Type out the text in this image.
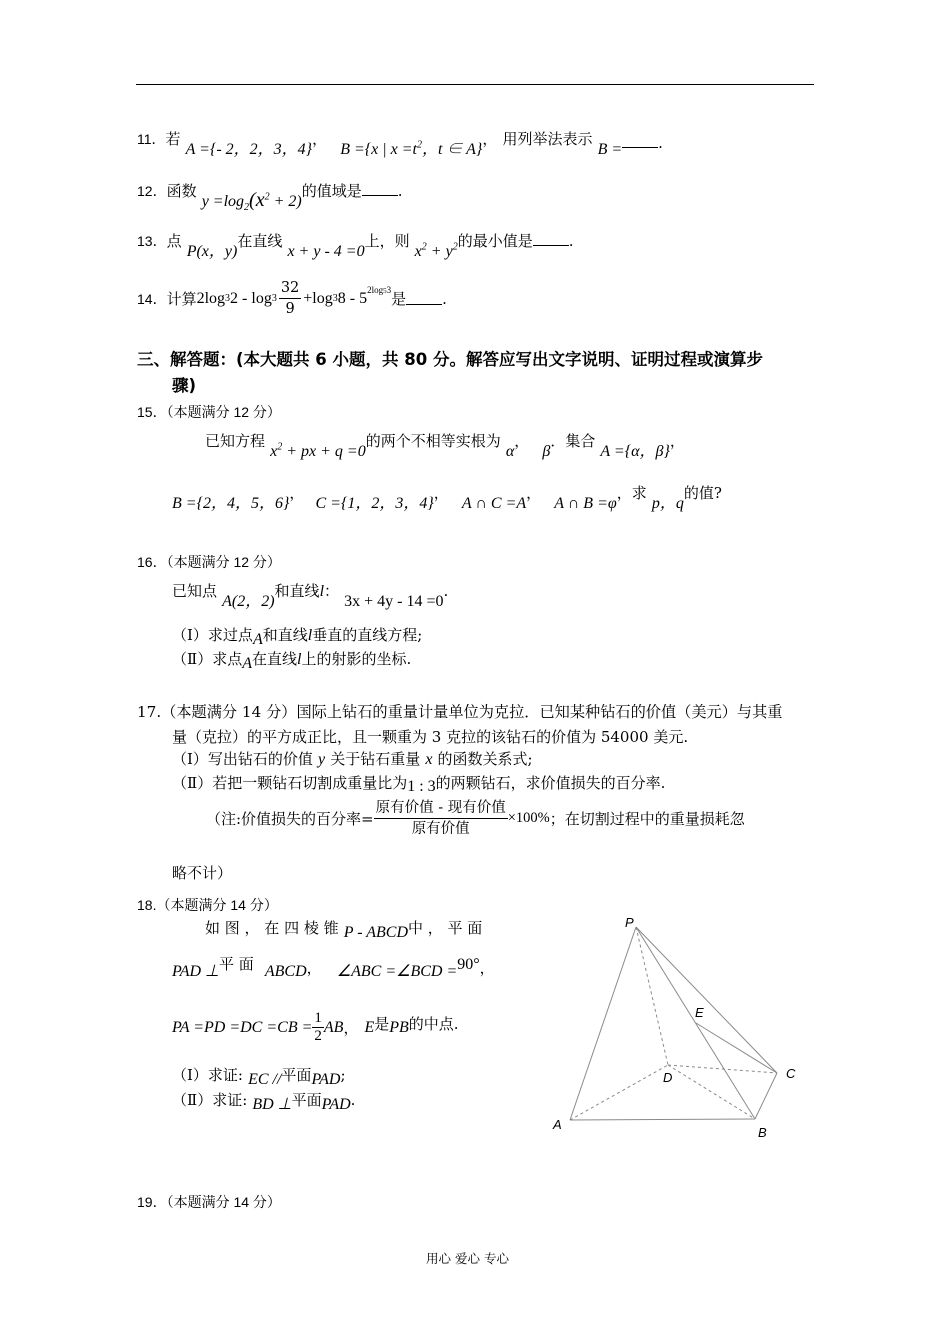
11．若 A ={- 2，2，3，4}， B ={x | $x =t^2$，t ∈ A}， 用列举法表示 B = .
12．函数 $y =\log_2(x^2 + 2)$的值域是 .
13．点 P(x，y)在直线 x + y - 4 =0上，则 $x^2 + y^2$的最小值是 .
14． 计算 2log 3 $2 - \log 3 \frac{32}{9} +\log$ 3 8 - 5 2log53
是 .
三、解答题：(本大题共 6 小题，共 80 分。解答应写出文字说明、证明过程或演算步
骤)
15．（本题满分 12 分）
已知方程 $x^2$ + px + q =0的两个不相等实根为 α， β．集合 A ={α，β}，
B ={2，4，5，6}， C ={1，2，3，4}， A ∩ C =A， A ∩ B =φ，求 p，q的值?
16．（本题满分 12 分）
已知点 A(2，2)和直线l： 3x + 4y - 14 =0.
（Ⅰ）求过点A和直线l垂直的直线方程;
（Ⅱ）求点A在直线l上的射影的坐标.
17.（本题满分 14 分）国际上钻石的重量计量单位为克拉．已知某种钻石的价值（美元）与其重
量（克拉）的平方成正比，且一颗重为 3 克拉的该钻石的价值为 54000 美元.
（Ⅰ）写出钻石的价值 y 关于钻石重量 x 的函数关系式;
（Ⅱ）若把一颗钻石切割成重量比为1 : 3的两颗钻石，求价值损失的百分率.
（注:价值损失的百分率= $\frac{\text{原有价值 - 现有价值}}{\text{原有价值}} \times 100\%$ ；在切割过程中的重量损耗忽
略不计）
18.（本题满分 14 分）
如 图 ， 在 四 棱 锥 P - ABCD中 ， 平 面
PAD ⊥平 面 ABCD， ∠ABC =∠BCD =90°，
PA $=PD =DC =CB = \frac{1}{2}$ AB ， E 是 PB 的中点.
（Ⅰ）求证: EC //平面PAD;
（Ⅱ）求证: BD ⊥平面PAD.
P
E
C
D
A
B
19．（本题满分 14 分）
用心 爱心 专心
